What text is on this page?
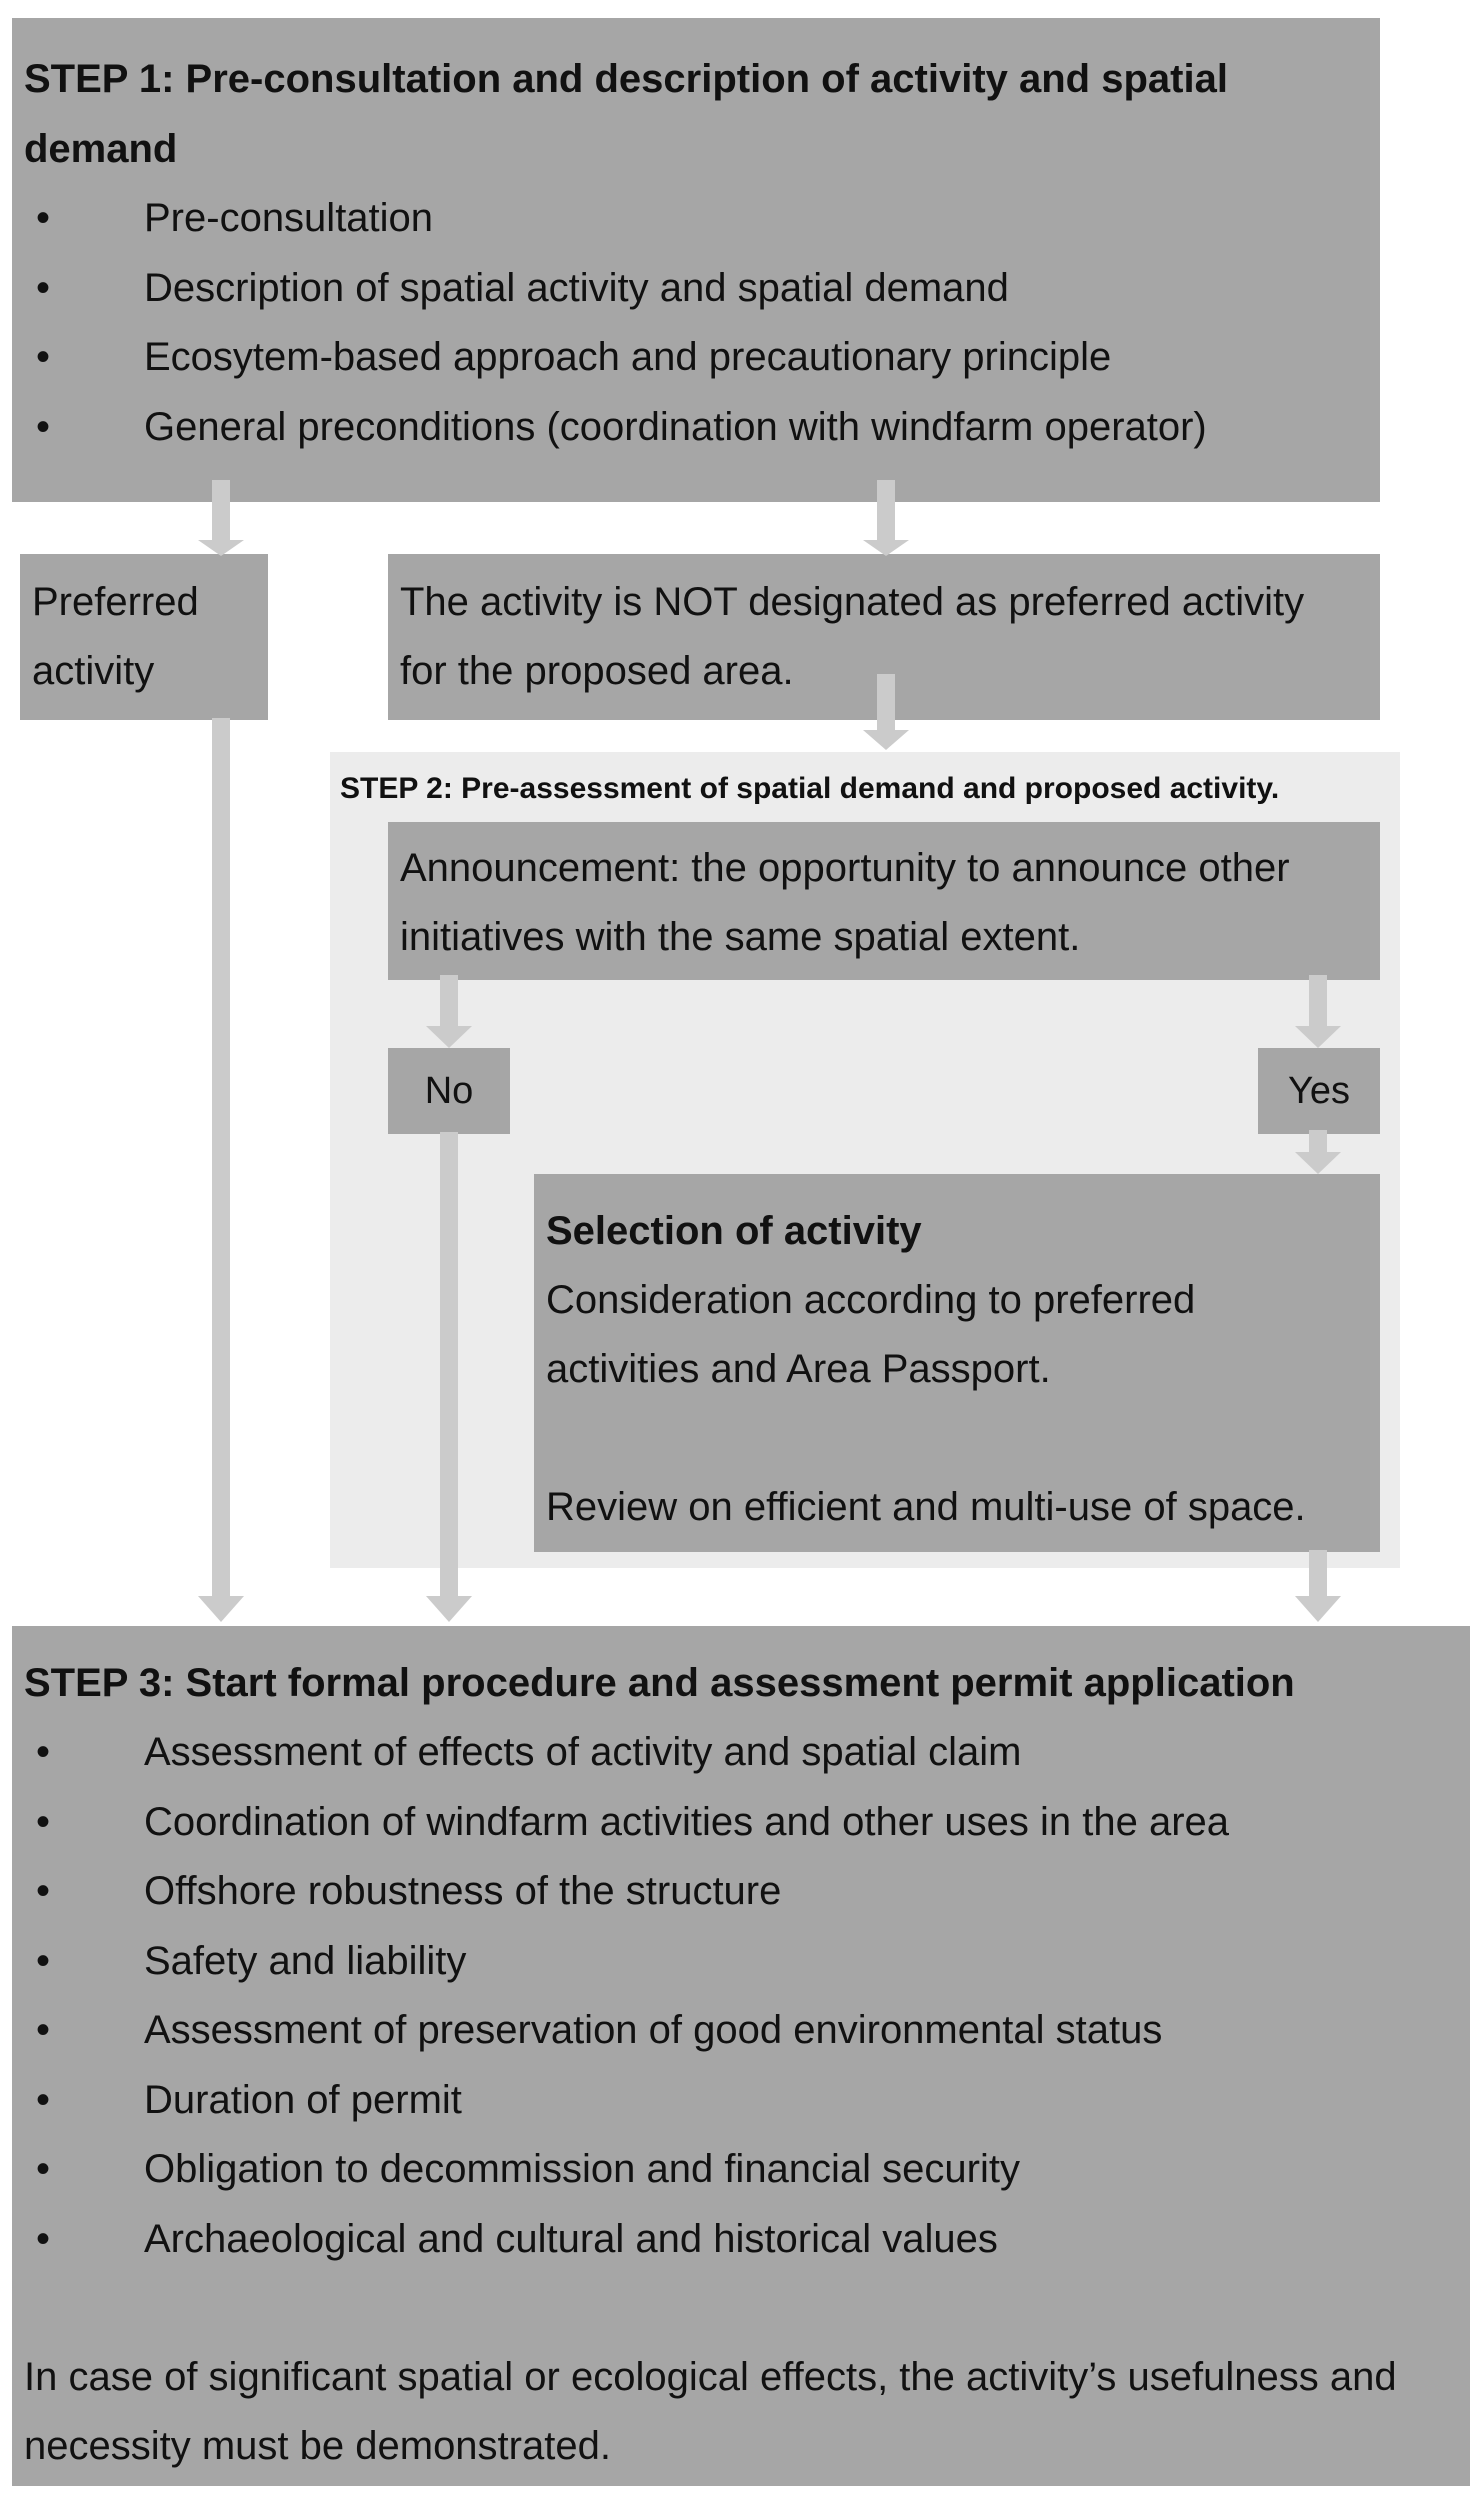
STEP 1: Pre-consultation and description of activity and spatial demand
• Pre-consultation
• Description of spatial activity and spatial demand
• Ecosytem-based approach and precautionary principle
• General preconditions (coordination with windfarm operator)
Preferred activity
The activity is NOT designated as preferred activity for the proposed area.
STEP 2: Pre-assessment of spatial demand and proposed activity.
Announcement: the opportunity to announce other initiatives with the same spatial extent.
No	Yes
Selection of activity
Consideration according to preferred activities and Area Passport.
Review on efficient and multi-use of space.
STEP 3: Start formal procedure and assessment permit application
• Assessment of effects of activity and spatial claim
• Coordination of windfarm activities and other uses in the area
• Offshore robustness of the structure
• Safety and liability
• Assessment of preservation of good environmental status
• Duration of permit
• Obligation to decommission and financial security
• Archaeological and cultural and historical values
In case of significant spatial or ecological effects, the activity’s usefulness and necessity must be demonstrated.
